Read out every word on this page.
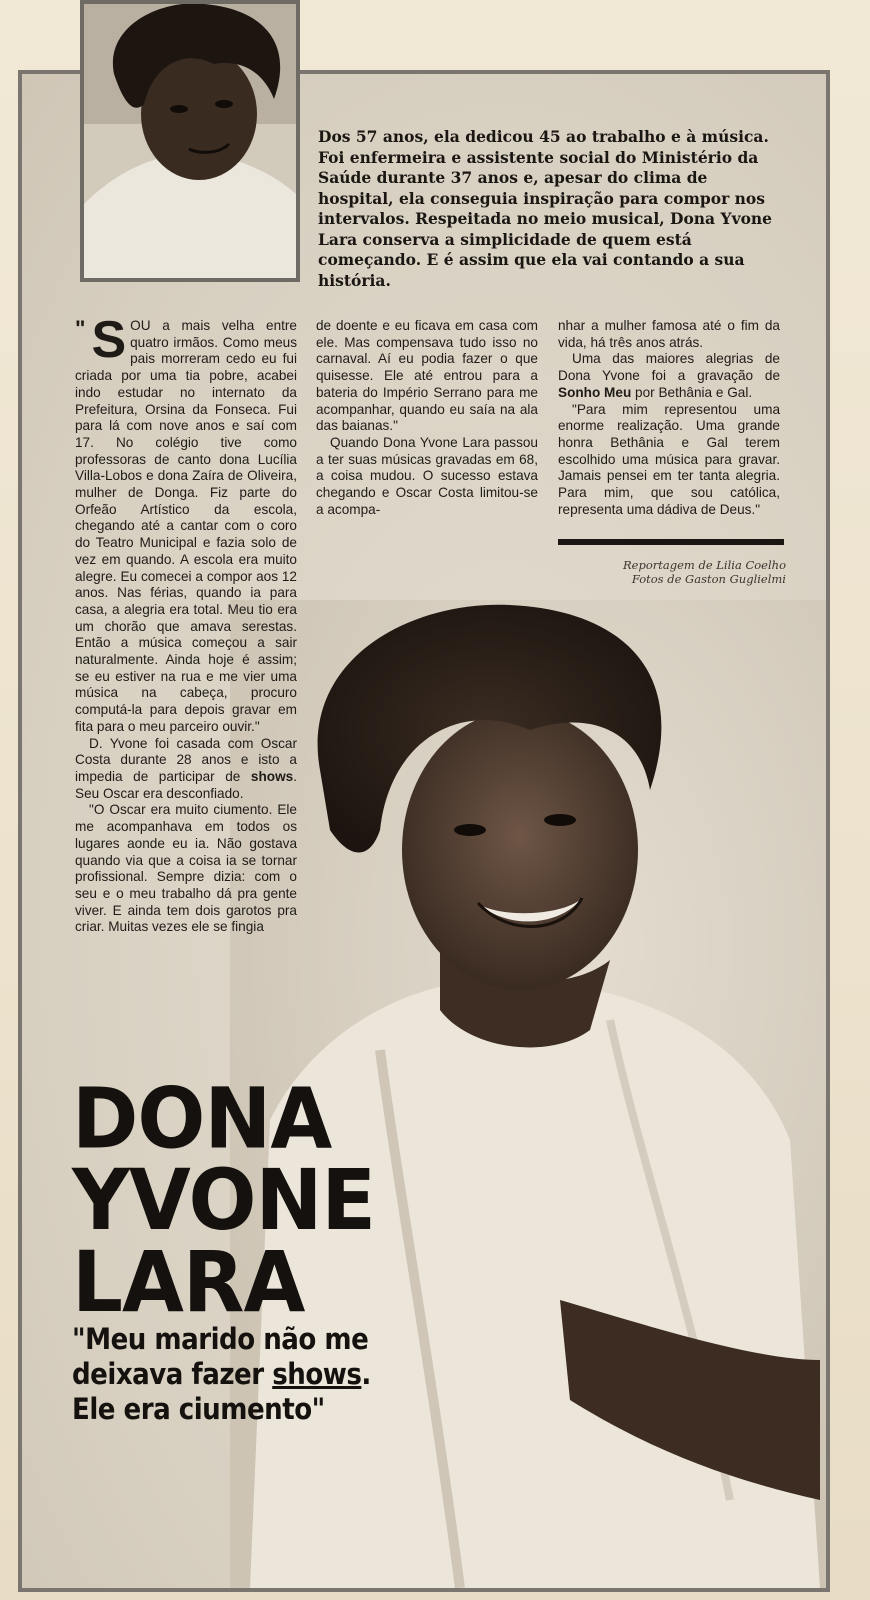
Dos 57 anos, ela dedicou 45 ao trabalho e à música. Foi enfermeira e assistente social do Ministério da Saúde durante 37 anos e, apesar do clima de hospital, ela conseguia inspiração para compor nos intervalos. Respeitada no meio musical, Dona Yvone Lara conserva a simplicidade de quem está começando. E é assim que ela vai contando a sua história.

" S OU a mais velha entre quatro irmãos. Como meus pais morreram cedo eu fui criada por uma tia pobre, acabei indo estudar no internato da Prefeitura, Orsina da Fonseca. Fui para lá com nove anos e saí com 17. No colégio tive como professoras de canto dona Lucília Villa-Lobos e dona Zaíra de Oliveira, mulher de Donga. Fiz parte do Orfeão Artístico da escola, chegando até a cantar com o coro do Teatro Municipal e fazia solo de vez em quando. A escola era muito alegre. Eu comecei a compor aos 12 anos. Nas férias, quando ia para casa, a alegria era total. Meu tio era um chorão que amava serestas. Então a música começou a sair naturalmente. Ainda hoje é assim; se eu estiver na rua e me vier uma música na cabeça, procuro computá-la para depois gravar em fita para o meu parceiro ouvir."

D. Yvone foi casada com Oscar Costa durante 28 anos e isto a impedia de participar de shows. Seu Oscar era desconfiado.

"O Oscar era muito ciumento. Ele me acompanhava em todos os lugares aonde eu ia. Não gostava quando via que a coisa ia se tornar profissional. Sempre dizia: com o seu e o meu trabalho dá pra gente viver. E ainda tem dois garotos pra criar. Muitas vezes ele se fingia

de doente e eu ficava em casa com ele. Mas compensava tudo isso no carnaval. Aí eu podia fazer o que quisesse. Ele até entrou para a bateria do Império Serrano para me acompanhar, quando eu saía na ala das baianas."

Quando Dona Yvone Lara passou a ter suas músicas gravadas em 68, a coisa mudou. O sucesso estava chegando e Oscar Costa limitou-se a acompa-

nhar a mulher famosa até o fim da vida, há três anos atrás.

Uma das maiores alegrias de Dona Yvone foi a gravação de Sonho Meu por Bethânia e Gal.

"Para mim representou uma enorme realização. Uma grande honra Bethânia e Gal terem escolhido uma música para gravar. Jamais pensei em ter tanta alegria. Para mim, que sou católica, representa uma dádiva de Deus."

Reportagem de Lilia Coelho
Fotos de Gaston Guglielmi
DONA
YVONE
LARA
"Meu marido não me
deixava fazer shows.
Ele era ciumento"
